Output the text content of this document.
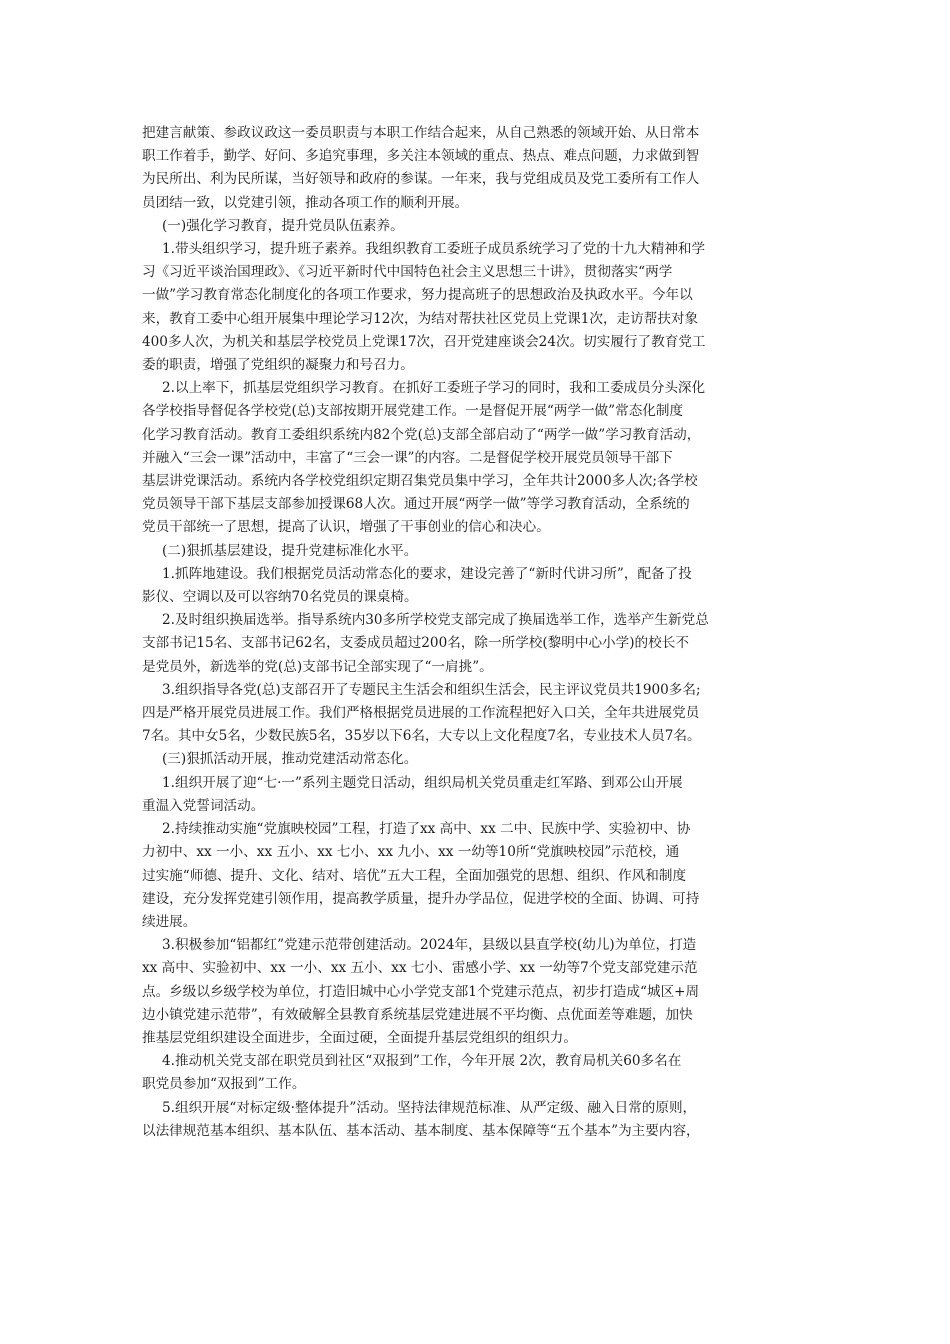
把建言献策、参政议政这一委员职责与本职工作结合起来，从自己熟悉的领域开始、从日常本
职工作着手，勤学、好问、多追究事理，多关注本领域的重点、热点、难点问题，力求做到智
为民所出、利为民所谋，当好领导和政府的参谋。一年来，我与党组成员及党工委所有工作人
员团结一致，以党建引领，推动各项工作的顺利开展。
(一)强化学习教育，提升党员队伍素养。
1.带头组织学习，提升班子素养。我组织教育工委班子成员系统学习了党的十九大精神和学
习《习近平谈治国理政》、《习近平新时代中国特色社会主义思想三十讲》，贯彻落实“两学
一做”学习教育常态化制度化的各项工作要求，努力提高班子的思想政治及执政水平。今年以
来，教育工委中心组开展集中理论学习12次，为结对帮扶社区党员上党课1次，走访帮扶对象
400多人次，为机关和基层学校党员上党课17次，召开党建座谈会24次。切实履行了教育党工
委的职责，增强了党组织的凝聚力和号召力。
2.以上率下，抓基层党组织学习教育。在抓好工委班子学习的同时，我和工委成员分头深化
各学校指导督促各学校党(总)支部按期开展党建工作。一是督促开展“两学一做”常态化制度
化学习教育活动。教育工委组织系统内82个党(总)支部全部启动了“两学一做”学习教育活动，
并融入“三会一课”活动中，丰富了“三会一课”的内容。二是督促学校开展党员领导干部下
基层讲党课活动。系统内各学校党组织定期召集党员集中学习，全年共计2000多人次;各学校
党员领导干部下基层支部参加授课68人次。通过开展“两学一做”等学习教育活动，全系统的
党员干部统一了思想，提高了认识，增强了干事创业的信心和决心。
(二)狠抓基层建设，提升党建标准化水平。
1.抓阵地建设。我们根据党员活动常态化的要求，建设完善了“新时代讲习所”，配备了投
影仪、空调以及可以容纳70名党员的课桌椅。
2.及时组织换届选举。指导系统内30多所学校党支部完成了换届选举工作，选举产生新党总
支部书记15名、支部书记62名，支委成员超过200名，除一所学校(黎明中心小学)的校长不
是党员外，新选举的党(总)支部书记全部实现了“一肩挑”。
3.组织指导各党(总)支部召开了专题民主生活会和组织生活会，民主评议党员共1900多名;
四是严格开展党员进展工作。我们严格根据党员进展的工作流程把好入口关，全年共进展党员
7名。其中女5名，少数民族5名，35岁以下6名，大专以上文化程度7名，专业技术人员7名。
(三)狠抓活动开展，推动党建活动常态化。
1.组织开展了迎“七·一”系列主题党日活动，组织局机关党员重走红军路、到邓公山开展
重温入党誓词活动。
2.持续推动实施“党旗映校园”工程，打造了xx 高中、xx 二中、民族中学、实验初中、协
力初中、xx 一小、xx 五小、xx 七小、xx 九小、xx 一幼等10所“党旗映校园”示范校，通
过实施“师德、提升、文化、结对、培优”五大工程，全面加强党的思想、组织、作风和制度
建设，充分发挥党建引领作用，提高教学质量，提升办学品位，促进学校的全面、协调、可持
续进展。
3.积极参加“铝都红”党建示范带创建活动。2024年，县级以县直学校(幼儿)为单位，打造
xx 高中、实验初中、xx 一小、xx 五小、xx 七小、雷感小学、xx 一幼等7个党支部党建示范
点。乡级以乡级学校为单位，打造旧城中心小学党支部1个党建示范点，初步打造成“城区+周
边小镇党建示范带”，有效破解全县教育系统基层党建进展不平均衡、点优面差等难题，加快
推基层党组织建设全面进步，全面过硬，全面提升基层党组织的组织力。
4.推动机关党支部在职党员到社区“双报到”工作，今年开展 2次，教育局机关60多名在
职党员参加“双报到”工作。
5.组织开展“对标定级·整体提升”活动。坚持法律规范标准、从严定级、融入日常的原则，
以法律规范基本组织、基本队伍、基本活动、基本制度、基本保障等“五个基本”为主要内容，
